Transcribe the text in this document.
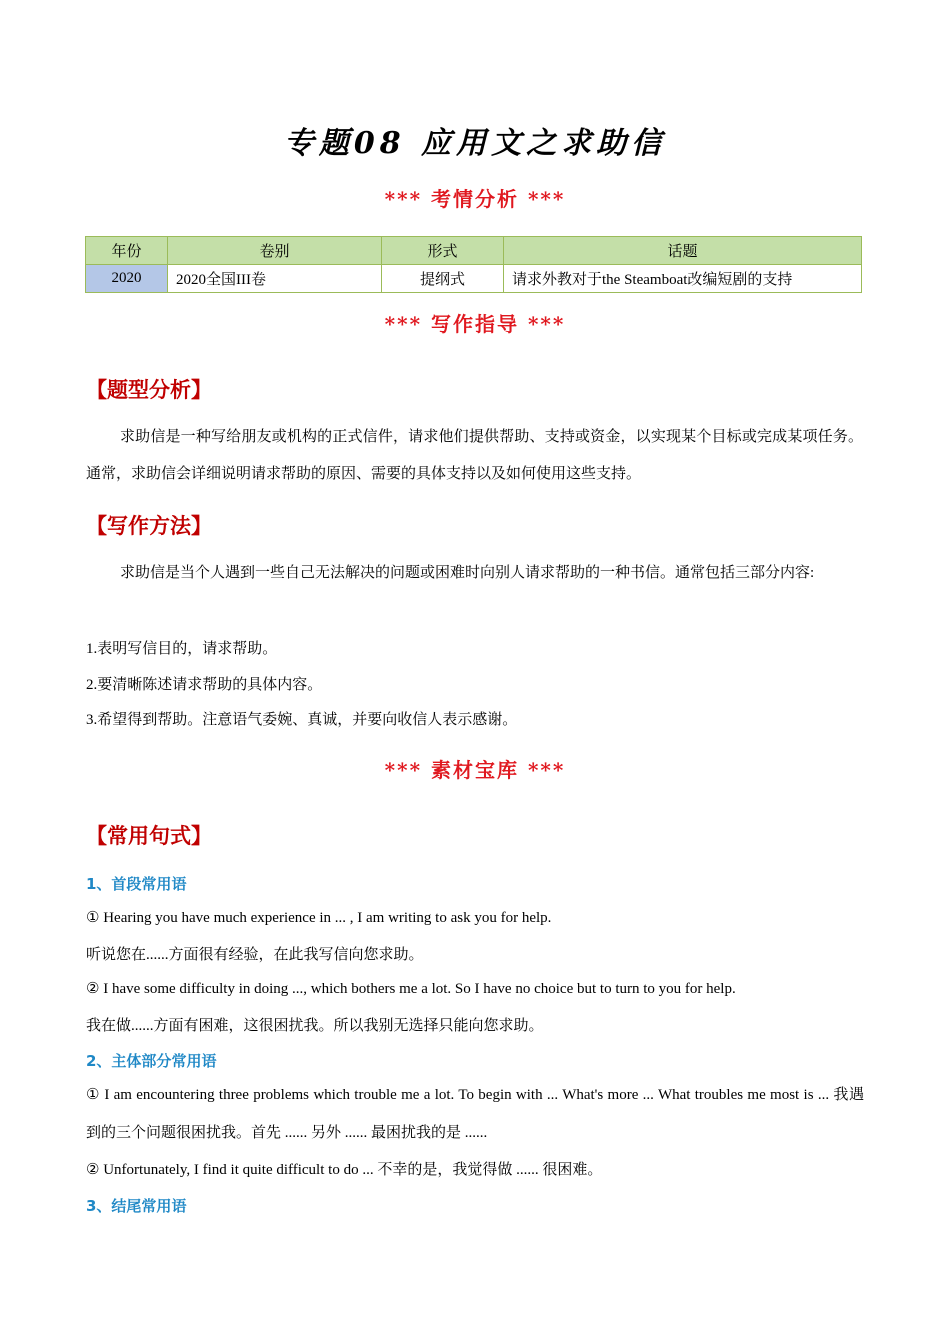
专题08 应用文之求助信
*** 考情分析 ***
年份	卷别	形式	话题
2020	2020全国III卷	提纲式	请求外教对于the Steamboat改编短剧的支持
*** 写作指导 ***
【题型分析】
求助信是一种写给朋友或机构的正式信件，请求他们提供帮助、支持或资金，以实现某个目标或完成某项任务。通常，求助信会详细说明请求帮助的原因、需要的具体支持以及如何使用这些支持。
【写作方法】
求助信是当个人遇到一些自己无法解决的问题或困难时向别人请求帮助的一种书信。通常包括三部分内容:
1.表明写信目的，请求帮助。
2.要清晰陈述请求帮助的具体内容。
3.希望得到帮助。注意语气委婉、真诚，并要向收信人表示感谢。
*** 素材宝库 ***
【常用句式】
1、首段常用语
① Hearing you have much experience in ... , I am writing to ask you for help.
听说您在......方面很有经验，在此我写信向您求助。
② I have some difficulty in doing ..., which bothers me a lot. So I have no choice but to turn to you for help.
我在做......方面有困难，这很困扰我。所以我别无选择只能向您求助。
2、主体部分常用语
① I am encountering three problems which trouble me a lot. To begin with ... What's more ... What troubles me most is ... 我遇到的三个问题很困扰我。首先 ...... 另外 ...... 最困扰我的是 ......
② Unfortunately, I find it quite difficult to do ... 不幸的是，我觉得做 ...... 很困难。
3、结尾常用语
